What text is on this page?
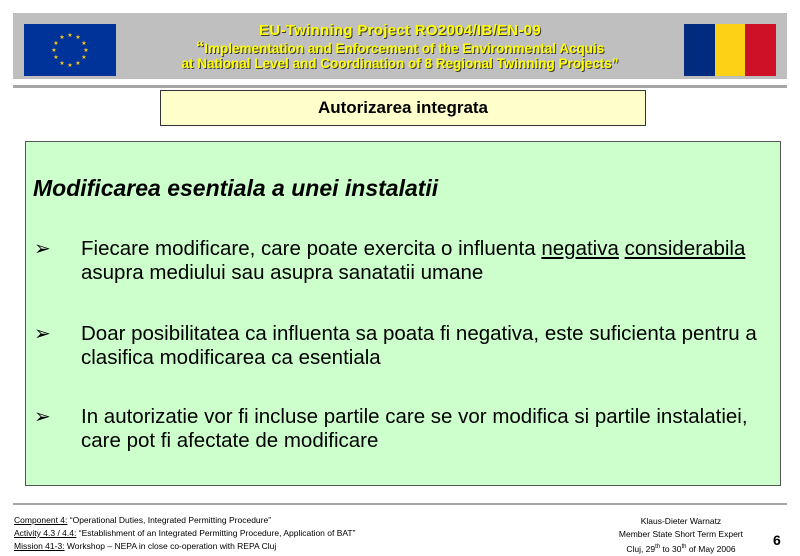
★ ★
★
★
★
★
★
★
★
★
★
★	EU-Twinning Project RO2004/IB/EN-09
“Implementation and Enforcement of the Environmental Acquis
at National Level and Coordination of 8 Regional Twinning Projects”
Autorizarea integrata
Modificarea esentiala a unei instalatii
➢ Fiecare modificare, care poate exercita o influenta negativa considerabila asupra mediului sau asupra sanatatii umane
➢ Doar posibilitatea ca influenta sa poata fi negativa, este suficienta pentru a clasifica modificarea ca esentiala
➢ In autorizatie vor fi incluse partile care se vor modifica si partile instalatiei, care pot fi afectate de modificare
Component 4: “Operational Duties, Integrated Permitting Procedure”
Activity 4.3 / 4.4: “Establishment of an Integrated Permitting Procedure, Application of BAT”
Mission 41-3: Workshop – NEPA in close co-operation with REPA Cluj
Klaus-Dieter Warnatz
Member State Short Term Expert
Cluj, 29th to 30th of May 2006
6
